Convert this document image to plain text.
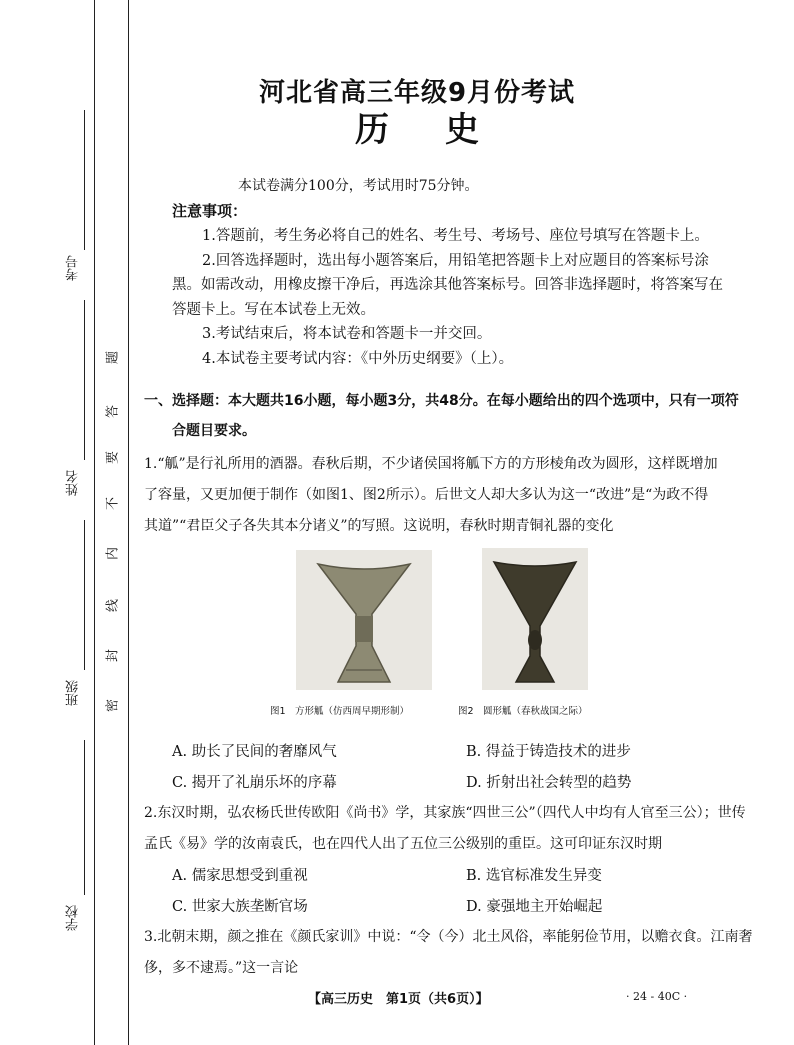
考号
姓名
班级
学校
题
答
要
不
内
线
封
密
河北省高三年级9月份考试
历史
本试卷满分100分，考试用时75分钟。
注意事项：
1.答题前，考生务必将自己的姓名、考生号、考场号、座位号填写在答题卡上。
2.回答选择题时，选出每小题答案后，用铅笔把答题卡上对应题目的答案标号涂
黑。如需改动，用橡皮擦干净后，再选涂其他答案标号。回答非选择题时，将答案写在
答题卡上。写在本试卷上无效。
3.考试结束后，将本试卷和答题卡一并交回。
4.本试卷主要考试内容：《中外历史纲要》（上）。
一、选择题：本大题共16小题，每小题3分，共48分。在每小题给出的四个选项中，只有一项符
合题目要求。
1.“觚”是行礼所用的酒器。春秋后期，不少诸侯国将觚下方的方形棱角改为圆形，这样既增加
了容量，又更加便于制作（如图1、图2所示）。后世文人却大多认为这一“改进”是“为政不得
其道”“君臣父子各失其本分诸义”的写照。这说明，春秋时期青铜礼器的变化
图1　方形觚（仿西周早期形制）	图2　圆形觚（春秋战国之际）
A. 助长了民间的奢靡风气	B. 得益于铸造技术的进步
C. 揭开了礼崩乐坏的序幕	D. 折射出社会转型的趋势
2.东汉时期，弘农杨氏世传欧阳《尚书》学，其家族“四世三公”（四代人中均有人官至三公）；世传
孟氏《易》学的汝南袁氏，也在四代人出了五位三公级别的重臣。这可印证东汉时期
A. 儒家思想受到重视	B. 选官标准发生异变
C. 世家大族垄断官场	D. 豪强地主开始崛起
3.北朝末期，颜之推在《颜氏家训》中说：“令（今）北土风俗，率能躬俭节用，以赡衣食。江南奢
侈，多不逮焉。”这一言论
【高三历史　第1页（共6页）】	· 24 - 40C ·
